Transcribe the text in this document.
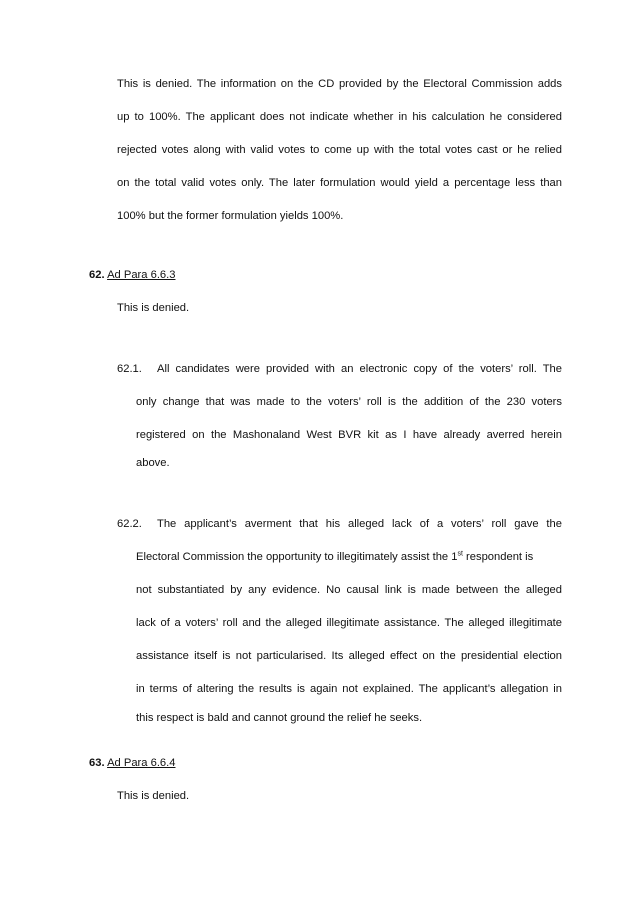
This is denied. The information on the CD provided by the Electoral Commission adds
up to 100%. The applicant does not indicate whether in his calculation he considered
rejected votes along with valid votes to come up with the total votes cast or he relied
on the total valid votes only. The later formulation would yield a percentage less than
100% but the former formulation yields 100%.
62. Ad Para 6.6.3
This is denied.
62.1. All candidates were provided with an electronic copy of the voters’ roll. The
only change that was made to the voters’ roll is the addition of the 230 voters
registered on the Mashonaland West BVR kit as I have already averred herein
above.
62.2. The applicant’s averment that his alleged lack of a voters’ roll gave the
Electoral Commission the opportunity to illegitimately assist the 1st respondent is
not substantiated by any evidence. No causal link is made between the alleged
lack of a voters’ roll and the alleged illegitimate assistance. The alleged illegitimate
assistance itself is not particularised. Its alleged effect on the presidential election
in terms of altering the results is again not explained. The applicant’s allegation in
this respect is bald and cannot ground the relief he seeks.
63. Ad Para 6.6.4
This is denied.
